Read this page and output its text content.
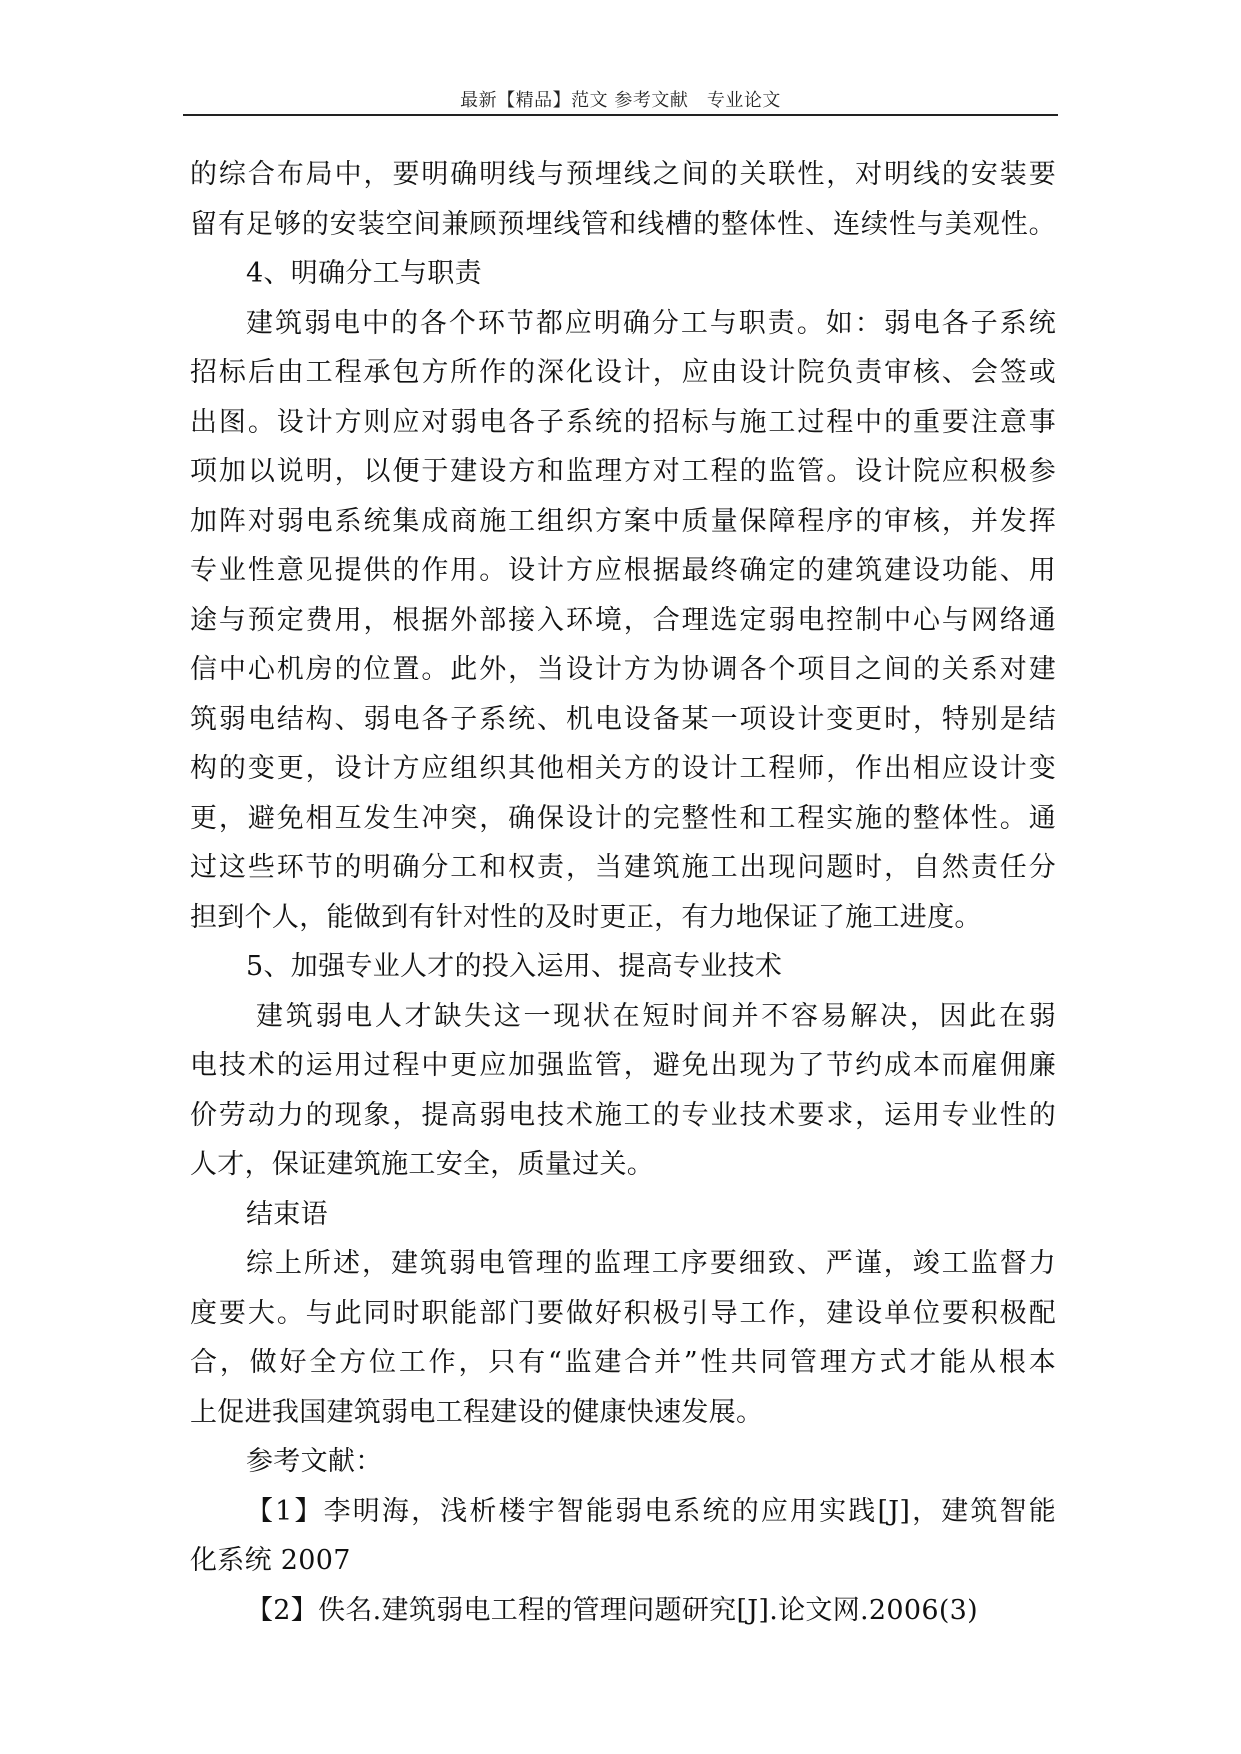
最新【精品】范文 参考文献　专业论文
的综合布局中，要明确明线与预埋线之间的关联性，对明线的安装要
留有足够的安装空间兼顾预埋线管和线槽的整体性、连续性与美观性。
4、明确分工与职责
建筑弱电中的各个环节都应明确分工与职责。如：弱电各子系统
招标后由工程承包方所作的深化设计，应由设计院负责审核、会签或
出图。设计方则应对弱电各子系统的招标与施工过程中的重要注意事
项加以说明，以便于建设方和监理方对工程的监管。设计院应积极参
加阵对弱电系统集成商施工组织方案中质量保障程序的审核，并发挥
专业性意见提供的作用。设计方应根据最终确定的建筑建设功能、用
途与预定费用，根据外部接入环境，合理选定弱电控制中心与网络通
信中心机房的位置。此外，当设计方为协调各个项目之间的关系对建
筑弱电结构、弱电各子系统、机电设备某一项设计变更时，特别是结
构的变更，设计方应组织其他相关方的设计工程师，作出相应设计变
更，避免相互发生冲突，确保设计的完整性和工程实施的整体性。通
过这些环节的明确分工和权责，当建筑施工出现问题时，自然责任分
担到个人，能做到有针对性的及时更正，有力地保证了施工进度。
5、加强专业人才的投入运用、提高专业技术
建筑弱电人才缺失这一现状在短时间并不容易解决，因此在弱
电技术的运用过程中更应加强监管，避免出现为了节约成本而雇佣廉
价劳动力的现象，提高弱电技术施工的专业技术要求，运用专业性的
人才，保证建筑施工安全，质量过关。
结束语
综上所述，建筑弱电管理的监理工序要细致、严谨，竣工监督力
度要大。与此同时职能部门要做好积极引导工作，建设单位要积极配
合，做好全方位工作，只有“监建合并”性共同管理方式才能从根本
上促进我国建筑弱电工程建设的健康快速发展。
参考文献：
【1】李明海，浅析楼宇智能弱电系统的应用实践[J]，建筑智能
化系统 2007
【2】佚名.建筑弱电工程的管理问题研究[J].论文网.2006(3)
